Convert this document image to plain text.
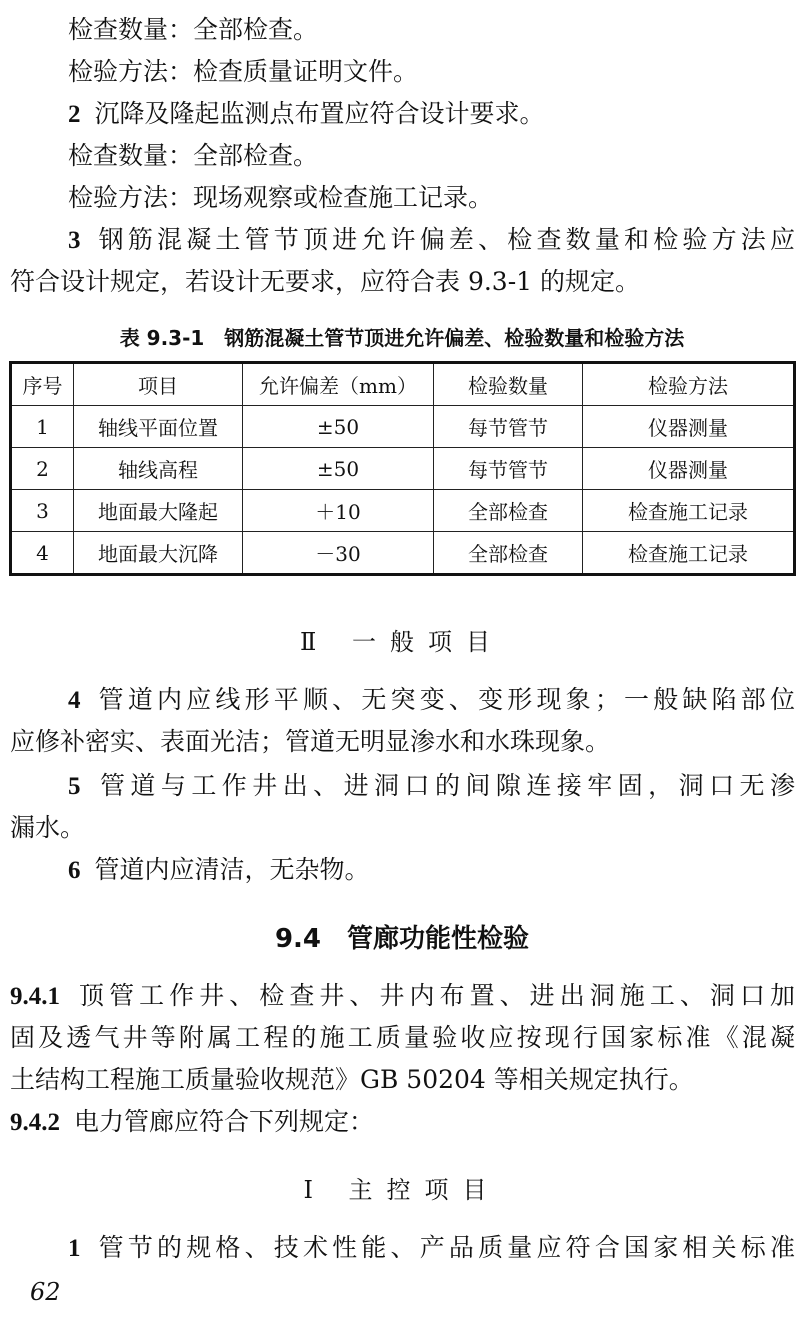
检查数量：全部检查。
检验方法：检查质量证明文件。
2 沉降及隆起监测点布置应符合设计要求。
检查数量：全部检查。
检验方法：现场观察或检查施工记录。
3 钢筋混凝土管节顶进允许偏差、检查数量和检验方法应
符合设计规定，若设计无要求，应符合表 9.3-1 的规定。
表 9.3-1　钢筋混凝土管节顶进允许偏差、检验数量和检验方法
序号	项目	允许偏差（mm）	检验数量	检验方法
1	轴线平面位置	±50	每节管节	仪器测量
2	轴线高程	±50	每节管节	仪器测量
3	地面最大隆起	＋10	全部检查	检查施工记录
4	地面最大沉降	－30	全部检查	检查施工记录
Ⅱ 一般项目
4 管道内应线形平顺、无突变、变形现象；一般缺陷部位
应修补密实、表面光洁；管道无明显渗水和水珠现象。
5 管道与工作井出、进洞口的间隙连接牢固，洞口无渗
漏水。
6 管道内应清洁，无杂物。
9.4　管廊功能性检验
9.4.1 顶管工作井、检查井、井内布置、进出洞施工、洞口加
固及透气井等附属工程的施工质量验收应按现行国家标准《混凝
土结构工程施工质量验收规范》GB 50204 等相关规定执行。
9.4.2 电力管廊应符合下列规定：
Ⅰ 主控项目
1 管节的规格、技术性能、产品质量应符合国家相关标准
62
